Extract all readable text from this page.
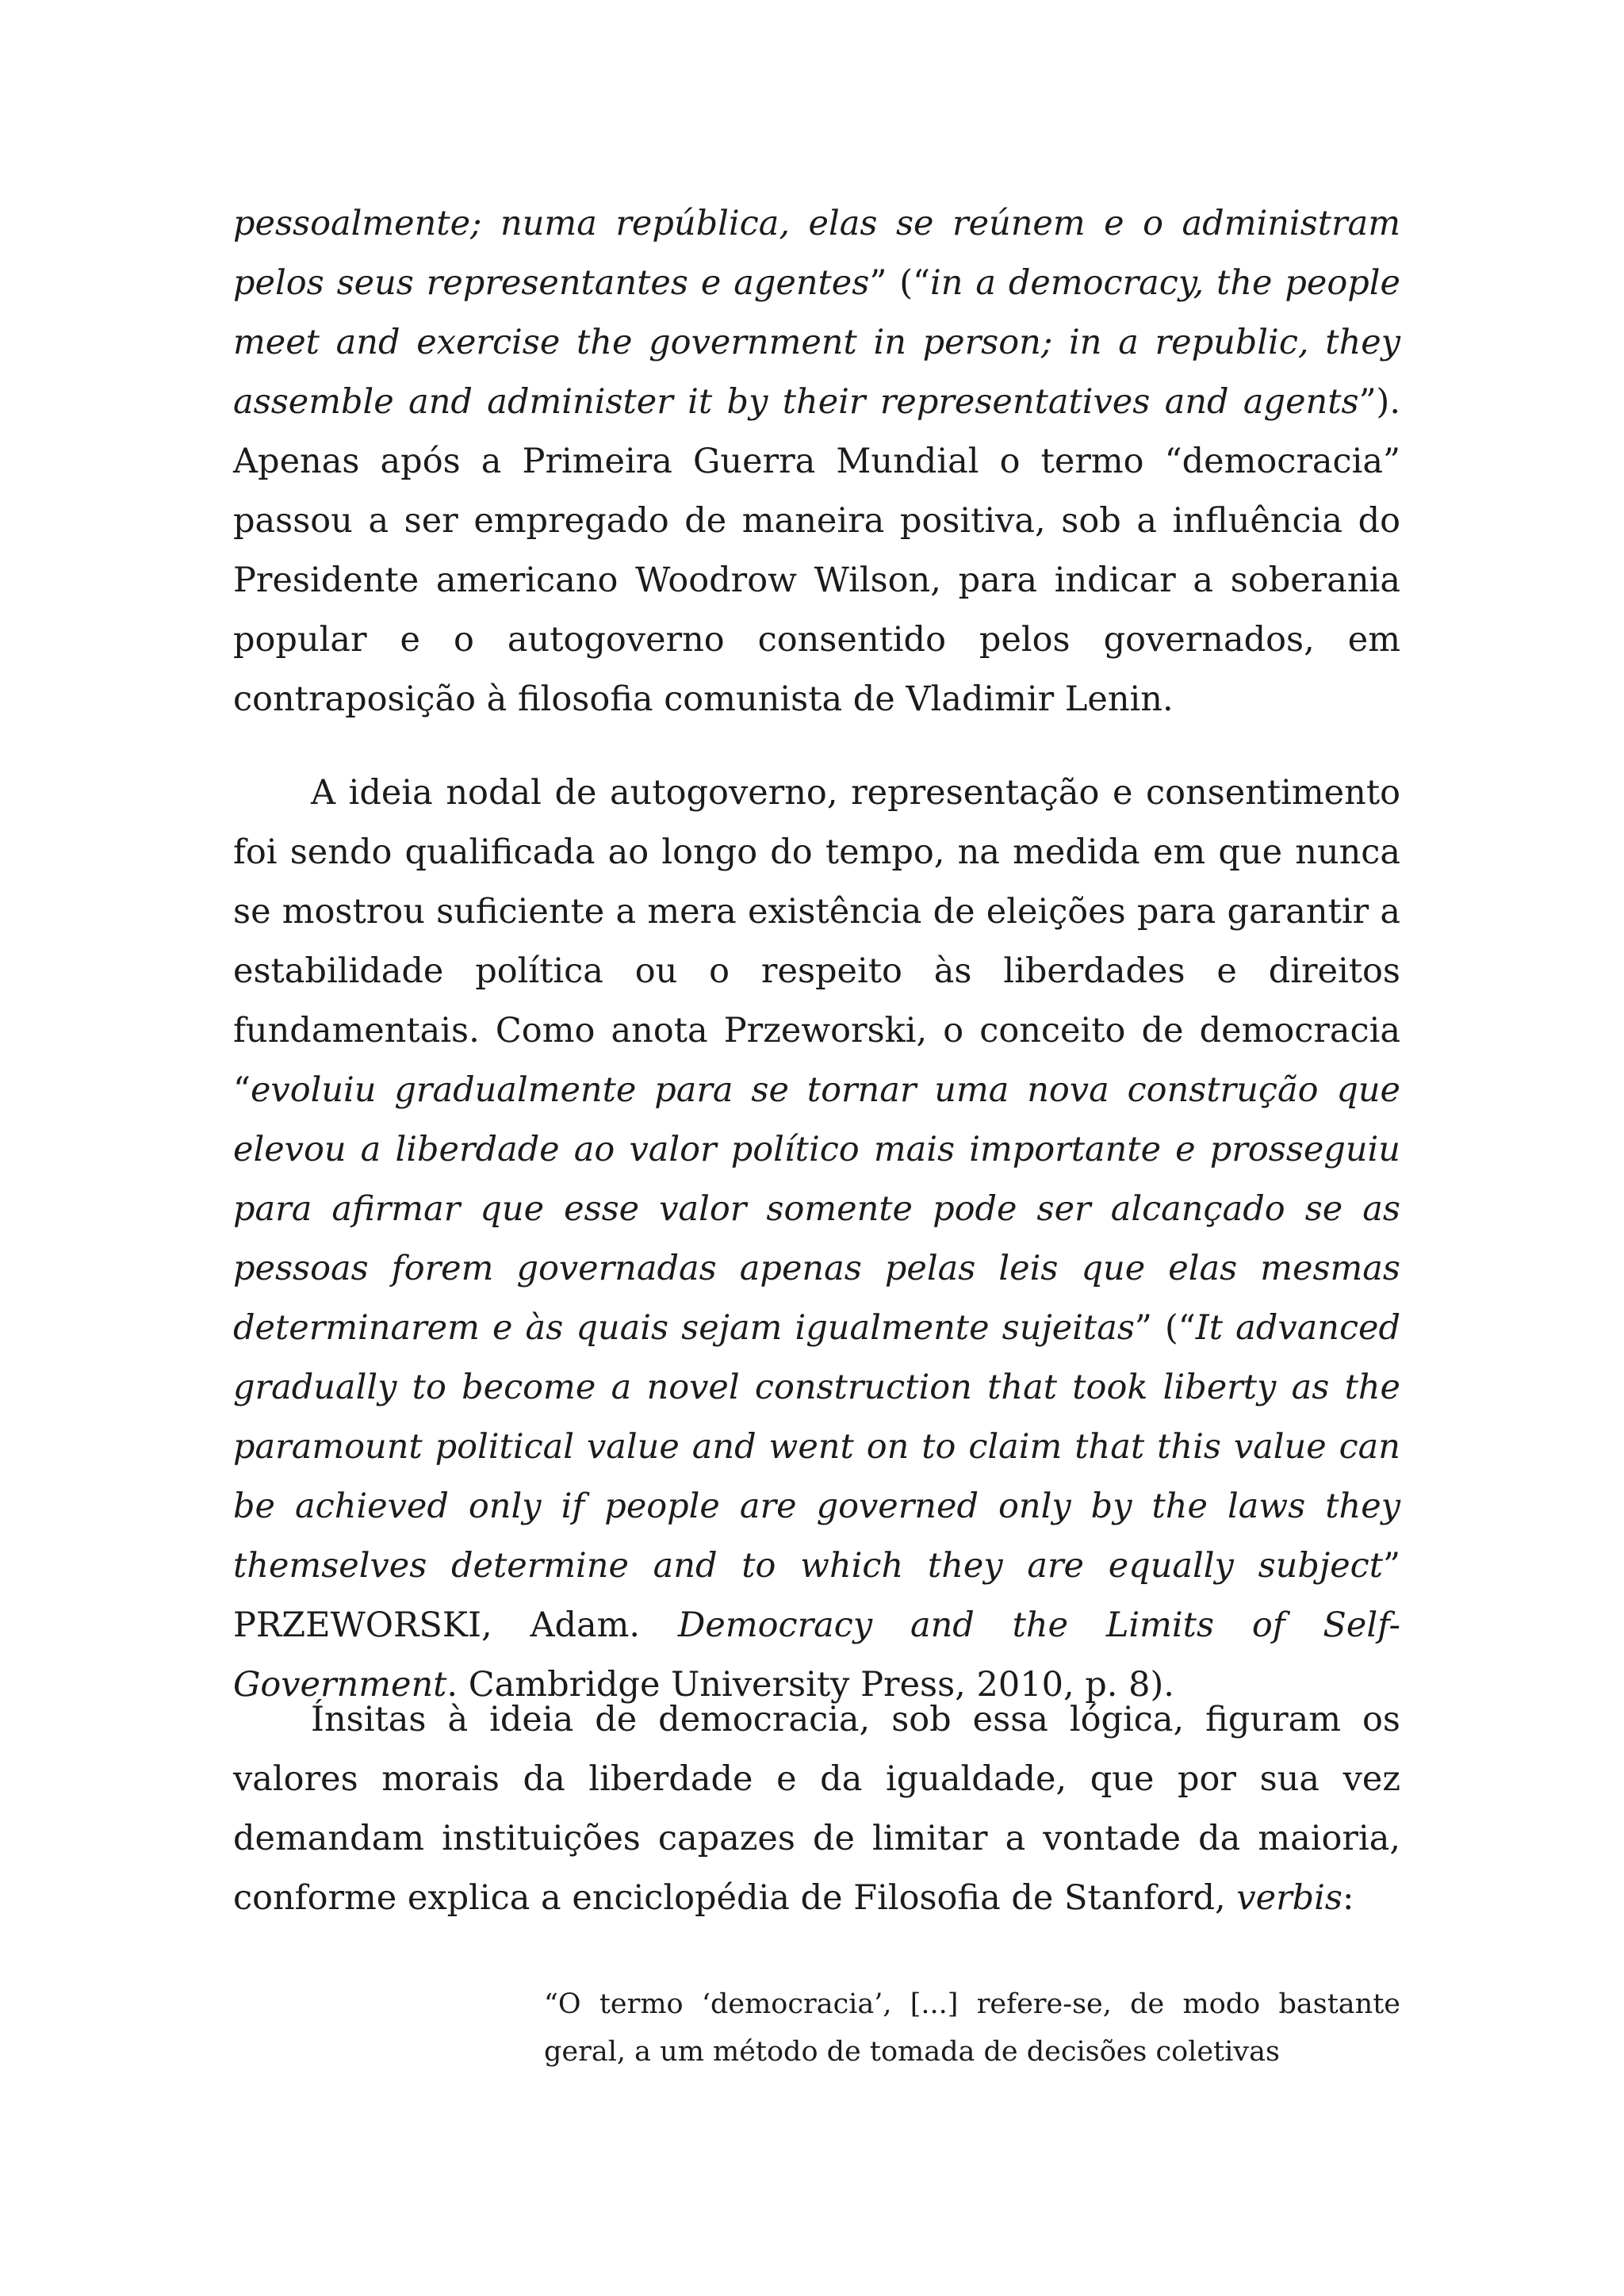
pessoalmente; numa república, elas se reúnem e o administram pelos seus representantes e agentes” (“in a democracy, the people meet and exercise the government in person; in a republic, they assemble and administer it by their representatives and agents”). Apenas após a Primeira Guerra Mundial o termo “democracia” passou a ser empregado de maneira positiva, sob a influência do Presidente americano Woodrow Wilson, para indicar a soberania popular e o autogoverno consentido pelos governados, em contraposição à filosofia comunista de Vladimir Lenin.

A ideia nodal de autogoverno, representação e consentimento foi sendo qualificada ao longo do tempo, na medida em que nunca se mostrou suficiente a mera existência de eleições para garantir a estabilidade política ou o respeito às liberdades e direitos fundamentais. Como anota Przeworski, o conceito de democracia “evoluiu gradualmente para se tornar uma nova construção que elevou a liberdade ao valor político mais importante e prosseguiu para afirmar que esse valor somente pode ser alcançado se as pessoas forem governadas apenas pelas leis que elas mesmas determinarem e às quais sejam igualmente sujeitas” (“It advanced gradually to become a novel construction that took liberty as the paramount political value and went on to claim that this value can be achieved only if people are governed only by the laws they themselves determine and to which they are equally subject” PRZEWORSKI, Adam. Democracy and the Limits of Self-Government. Cambridge University Press, 2010, p. 8).

Ínsitas à ideia de democracia, sob essa lógica, figuram os valores morais da liberdade e da igualdade, que por sua vez demandam instituições capazes de limitar a vontade da maioria, conforme explica a enciclopédia de Filosofia de Stanford, verbis:

“O termo ‘democracia’, [...] refere-se, de modo bastante geral, a um método de tomada de decisões coletivas
